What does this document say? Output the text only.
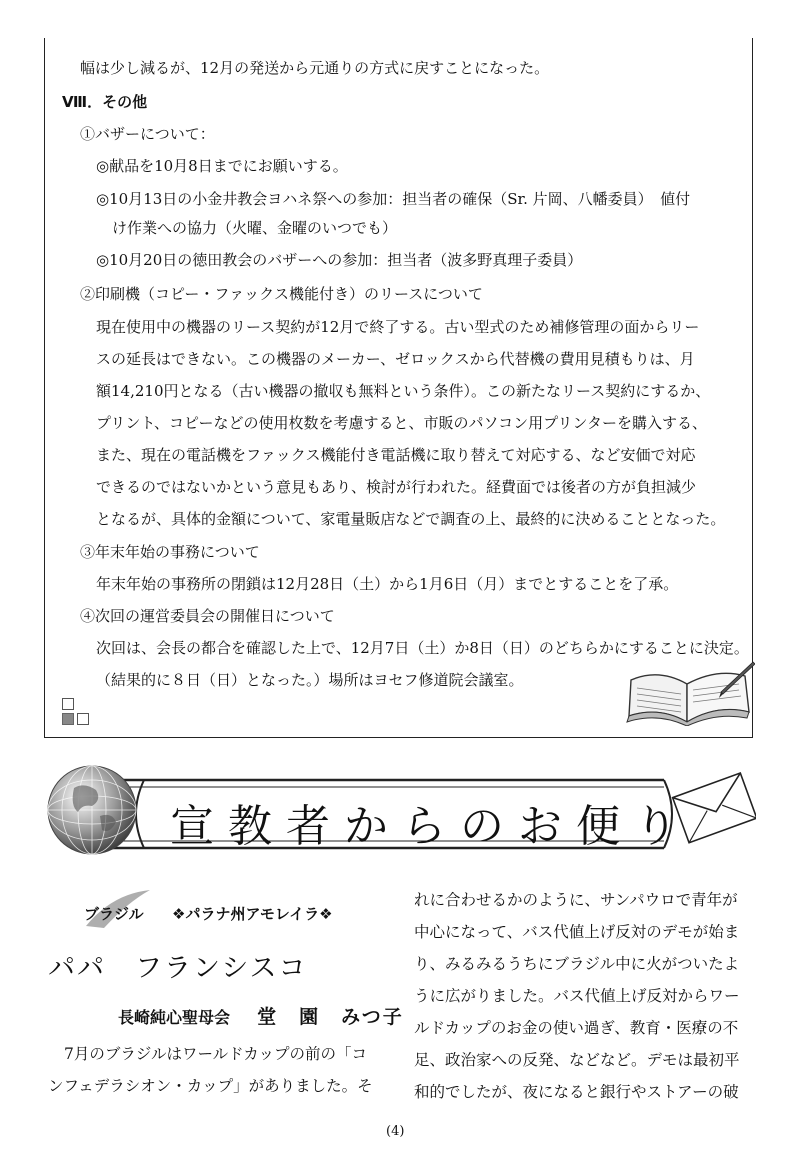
幅は少し減るが、12月の発送から元通りの方式に戻すことになった。
Ⅷ．その他
①バザーについて：
◎献品を10月8日までにお願いする。
◎10月13日の小金井教会ヨハネ祭への参加：担当者の確保（Sr. 片岡、八幡委員）　値付
け作業への協力（火曜、金曜のいつでも）
◎10月20日の徳田教会のバザーへの参加：担当者（波多野真理子委員）
②印刷機（コピー・ファックス機能付き）のリースについて
現在使用中の機器のリース契約が12月で終了する。古い型式のため補修管理の面からリー
スの延長はできない。この機器のメーカー、ゼロックスから代替機の費用見積もりは、月
額14,210円となる（古い機器の撤収も無料という条件）。この新たなリース契約にするか、
プリント、コピーなどの使用枚数を考慮すると、市販のパソコン用プリンターを購入する、
また、現在の電話機をファックス機能付き電話機に取り替えて対応する、など安価で対応
できるのではないかという意見もあり、検討が行われた。経費面では後者の方が負担減少
となるが、具体的金額について、家電量販店などで調査の上、最終的に決めることとなった。
③年末年始の事務について
年末年始の事務所の閉鎖は12月28日（土）から1月6日（月）までとすることを了承。
④次回の運営委員会の開催日について
次回は、会長の都合を確認した上で、12月7日（土）か8日（日）のどちらかにすることに決定。
（結果的に８日（日）となった。）場所はヨセフ修道院会議室。
宣教者からのお便り
ブラジル ❖パラナ州アモレイラ❖
パパ　フランシスコ
長崎純心聖母会 堂　園　みつ子
7月のブラジルはワールドカップの前の「コ
ンフェデラシオン・カップ」がありました。そ
れに合わせるかのように、サンパウロで青年が
中心になって、バス代値上げ反対のデモが始ま
り、みるみるうちにブラジル中に火がついたよ
うに広がりました。バス代値上げ反対からワー
ルドカップのお金の使い過ぎ、教育・医療の不
足、政治家への反発、などなど。デモは最初平
和的でしたが、夜になると銀行やストアーの破
(4)
